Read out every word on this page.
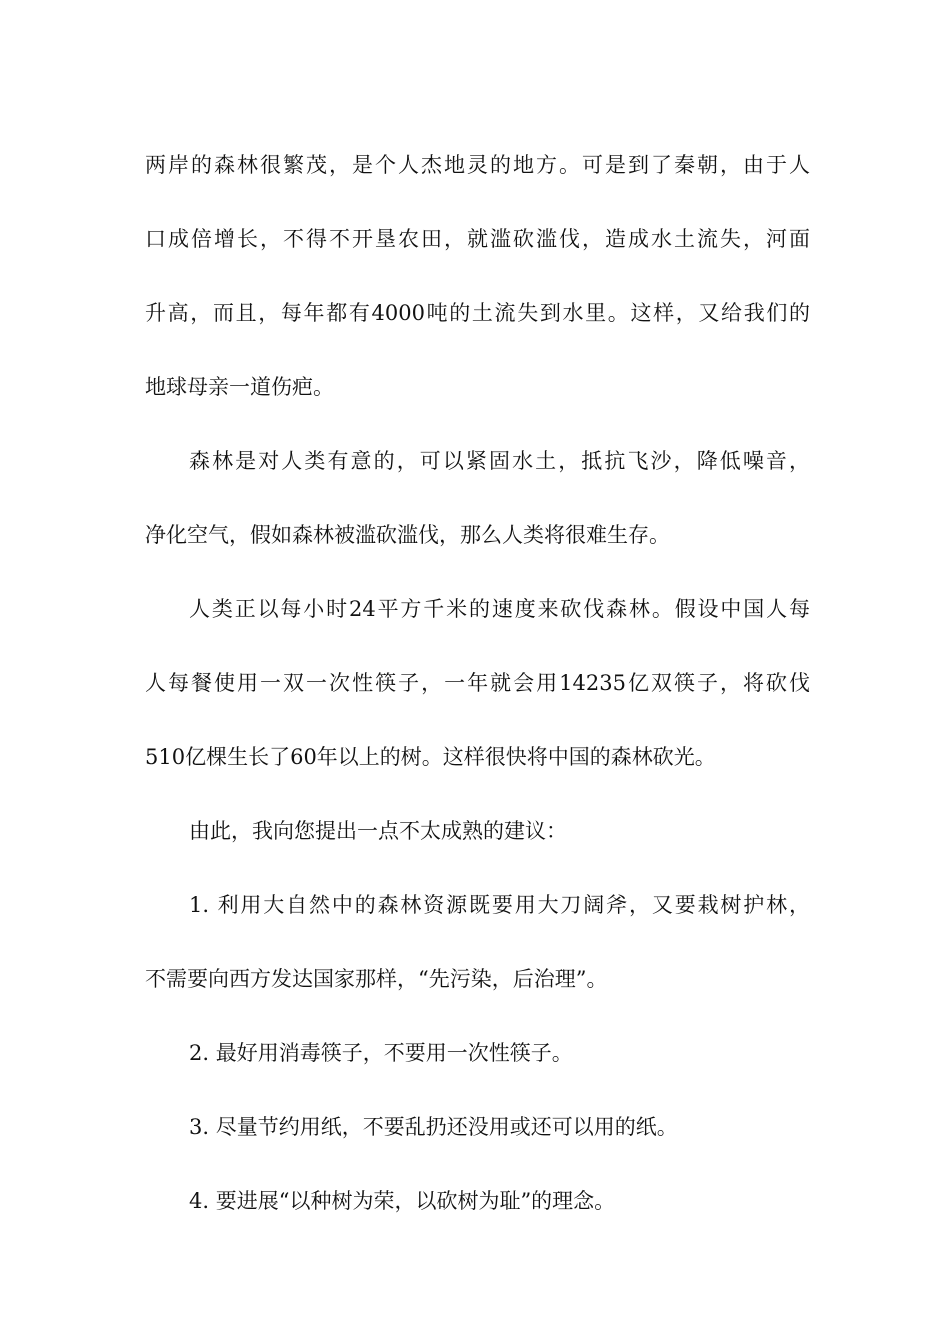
两岸的森林很繁茂，是个人杰地灵的地方。可是到了秦朝，由于人
口成倍增长，不得不开垦农田，就滥砍滥伐，造成水土流失，河面
升高，而且，每年都有4000吨的土流失到水里。这样，又给我们的
地球母亲一道伤疤。
森林是对人类有意的，可以紧固水土，抵抗飞沙，降低噪音，
净化空气，假如森林被滥砍滥伐，那么人类将很难生存。
人类正以每小时24平方千米的速度来砍伐森林。假设中国人每
人每餐使用一双一次性筷子，一年就会用14235亿双筷子，将砍伐
510亿棵生长了60年以上的树。这样很快将中国的森林砍光。
由此，我向您提出一点不太成熟的建议：
1. 利用大自然中的森林资源既要用大刀阔斧，又要栽树护林，
不需要向西方发达国家那样，“先污染，后治理”。
2. 最好用消毒筷子，不要用一次性筷子。
3. 尽量节约用纸，不要乱扔还没用或还可以用的纸。
4. 要进展“以种树为荣，以砍树为耻”的理念。
